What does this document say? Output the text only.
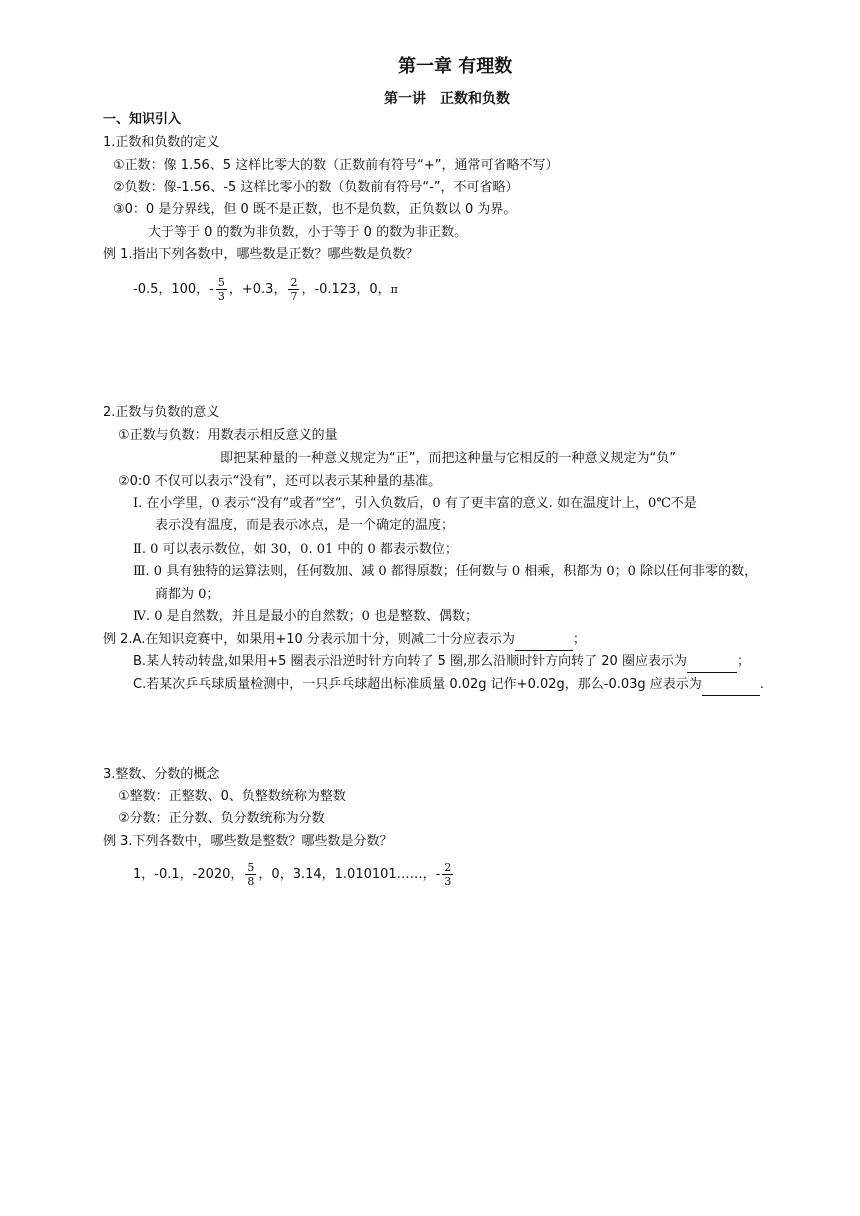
第一章 有理数
第一讲　正数和负数
一、知识引入
1.正数和负数的定义
①正数：像 1.56、5 这样比零大的数（正数前有符号“+”，通常可省略不写）
②负数：像-1.56、-5 这样比零小的数（负数前有符号“-”，不可省略）
③0：0 是分界线，但 0 既不是正数，也不是负数，正负数以 0 为界。
大于等于 0 的数为非负数，小于等于 0 的数为非正数。
例 1.指出下列各数中，哪些数是正数？哪些数是负数？
-0.5，100，- $\frac{5}{3}$ ，+0.3， $\frac{2}{7}$ ，-0.123，0，π
2.正数与负数的意义
①正数与负数：用数表示相反意义的量
即把某种量的一种意义规定为“正”，而把这种量与它相反的一种意义规定为“负”
②0:0 不仅可以表示“没有”，还可以表示某种量的基准。
Ⅰ. 在小学里，0 表示“没有”或者“空”，引入负数后，0 有了更丰富的意义. 如在温度计上，0℃不是
表示没有温度，而是表示冰点，是一个确定的温度；
Ⅱ. 0 可以表示数位，如 30，0. 01 中的 0 都表示数位；
Ⅲ. 0 具有独特的运算法则，任何数加、减 0 都得原数；任何数与 0 相乘，积都为 0；0 除以任何非零的数，
商都为 0；
Ⅳ. 0 是自然数，并且是最小的自然数；0 也是整数、偶数；
例 2.A.在知识竞赛中，如果用+10 分表示加十分，则减二十分应表示为	；
B.某人转动转盘,如果用+5 圈表示沿逆时针方向转了 5 圈,那么沿顺时针方向转了 20 圈应表示为	；
C.若某次乒乓球质量检测中，一只乒乓球超出标准质量 0.02g 记作+0.02g，那么-0.03g 应表示为	.
3.整数、分数的概念
①整数：正整数、0、负整数统称为整数
②分数：正分数、负分数统称为分数
例 3.下列各数中，哪些数是整数？哪些数是分数？
1，-0.1，-2020， $\frac{5}{8}$ ，0，3.14，1.010101……，- $\frac{2}{3}$
